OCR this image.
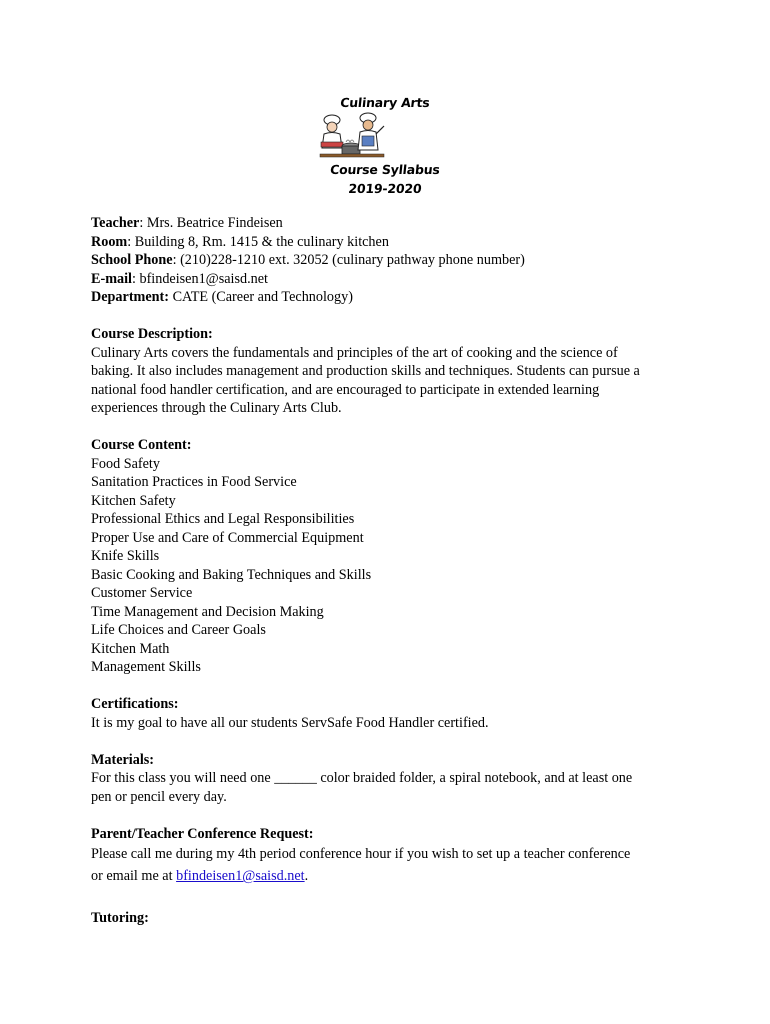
Culinary Arts
Course Syllabus
2019-2020
Teacher: Mrs. Beatrice Findeisen
Room: Building 8, Rm. 1415 & the culinary kitchen
School Phone: (210)228-1210 ext. 32052 (culinary pathway phone number)
E-mail: bfindeisen1@saisd.net
Department: CATE (Career and Technology)
Course Description:
Culinary Arts covers the fundamentals and principles of the art of cooking and the science of
baking. It also includes management and production skills and techniques. Students can pursue a
national food handler certification, and are encouraged to participate in extended learning
experiences through the Culinary Arts Club.
Course Content:
Food Safety
Sanitation Practices in Food Service
Kitchen Safety
Professional Ethics and Legal Responsibilities
Proper Use and Care of Commercial Equipment
Knife Skills
Basic Cooking and Baking Techniques and Skills
Customer Service
Time Management and Decision Making
Life Choices and Career Goals
Kitchen Math
Management Skills
Certifications:
It is my goal to have all our students ServSafe Food Handler certified.
Materials:
For this class you will need one ______ color braided folder, a spiral notebook, and at least one
pen or pencil every day.
Parent/Teacher Conference Request:
Please call me during my 4th period conference hour if you wish to set up a teacher conference
or email me at bfindeisen1@saisd.net.
Tutoring:
